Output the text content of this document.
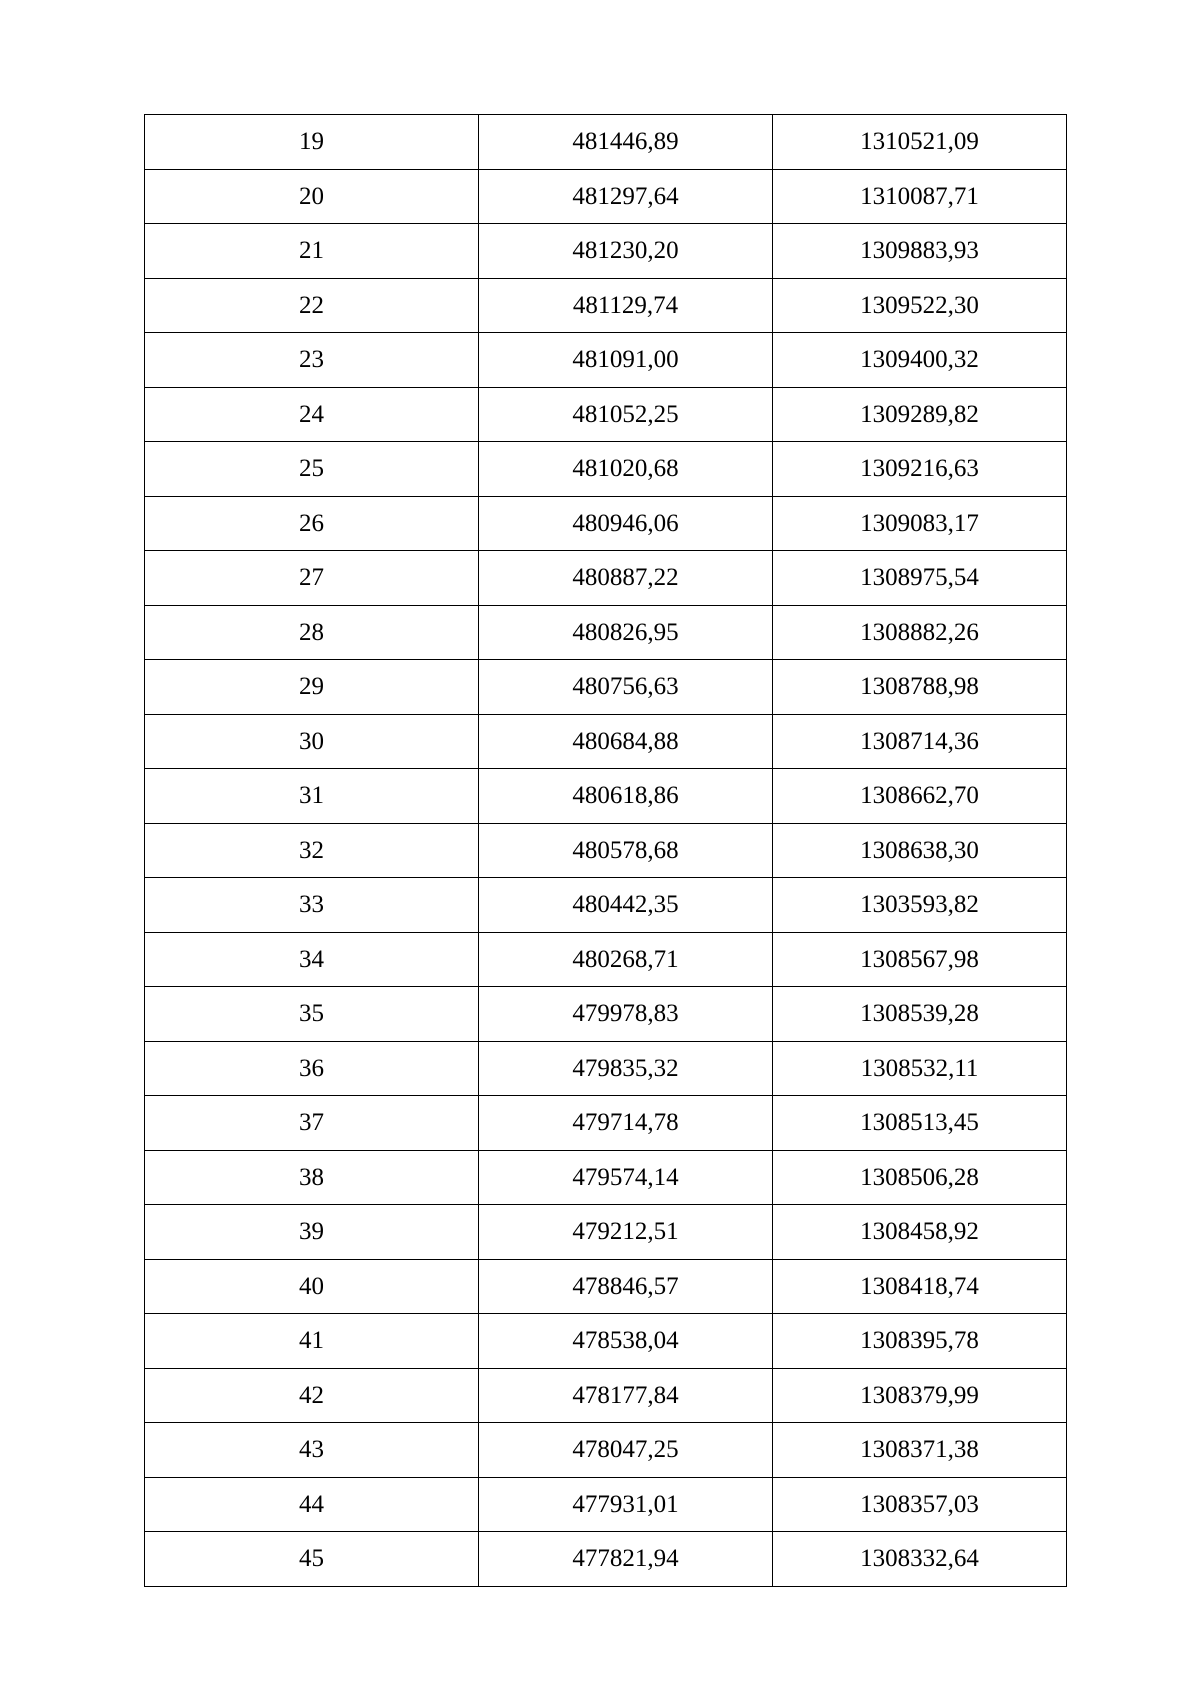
19	481446,89	1310521,09
20	481297,64	1310087,71
21	481230,20	1309883,93
22	481129,74	1309522,30
23	481091,00	1309400,32
24	481052,25	1309289,82
25	481020,68	1309216,63
26	480946,06	1309083,17
27	480887,22	1308975,54
28	480826,95	1308882,26
29	480756,63	1308788,98
30	480684,88	1308714,36
31	480618,86	1308662,70
32	480578,68	1308638,30
33	480442,35	1303593,82
34	480268,71	1308567,98
35	479978,83	1308539,28
36	479835,32	1308532,11
37	479714,78	1308513,45
38	479574,14	1308506,28
39	479212,51	1308458,92
40	478846,57	1308418,74
41	478538,04	1308395,78
42	478177,84	1308379,99
43	478047,25	1308371,38
44	477931,01	1308357,03
45	477821,94	1308332,64
